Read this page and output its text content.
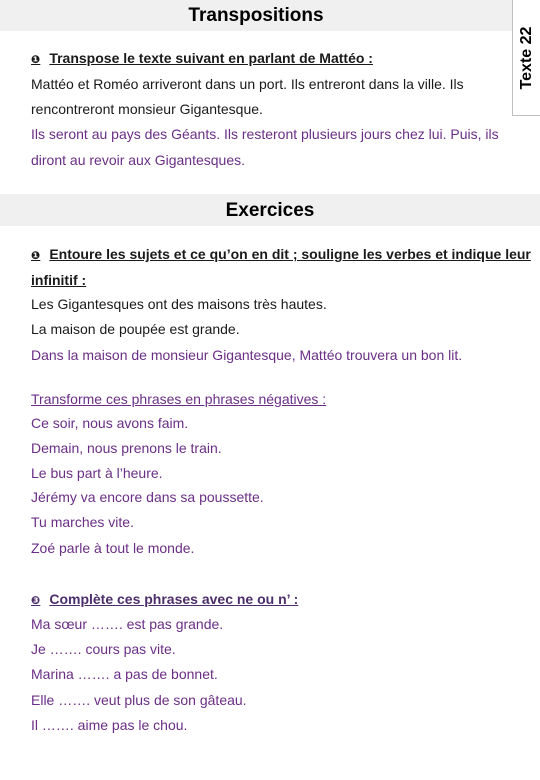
Transpositions
Texte 22
❶ Transpose le texte suivant en parlant de Mattéo :
Mattéo et Roméo arriveront dans un port. Ils entreront dans la ville. Ils
rencontreront monsieur Gigantesque.
Ils seront au pays des Géants. Ils resteront plusieurs jours chez lui. Puis, ils
diront au revoir aux Gigantesques.
Exercices
❶ Entoure les sujets et ce qu’on en dit ; souligne les verbes et indique leur
infinitif :
Les Gigantesques ont des maisons très hautes.
La maison de poupée est grande.
Dans la maison de monsieur Gigantesque, Mattéo trouvera un bon lit.
Transforme ces phrases en phrases négatives :
Ce soir, nous avons faim.
Demain, nous prenons le train.
Le bus part à l’heure.
Jérémy va encore dans sa poussette.
Tu marches vite.
Zoé parle à tout le monde.
❸ Complète ces phrases avec ne ou n’ :
Ma sœur ……. est pas grande.
Je ……. cours pas vite.
Marina ……. a pas de bonnet.
Elle ……. veut plus de son gâteau.
Il ……. aime pas le chou.
